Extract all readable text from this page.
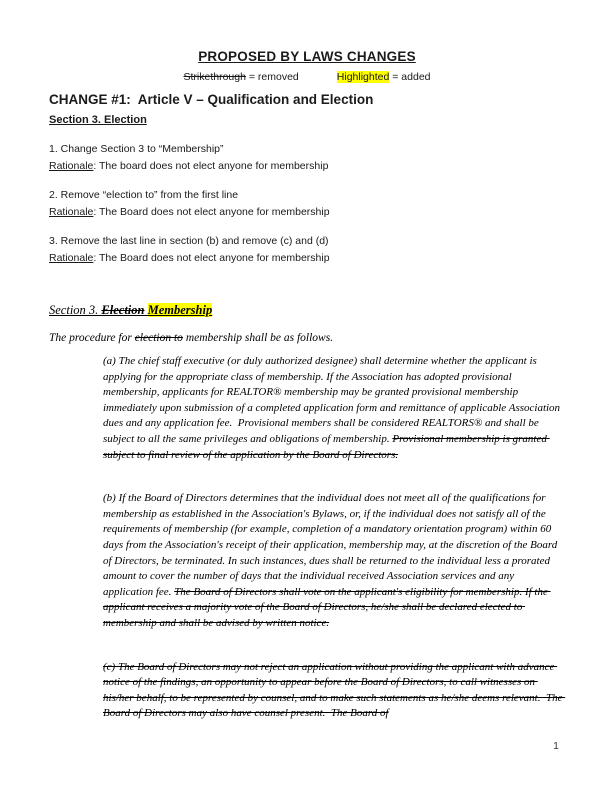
PROPOSED BY LAWS CHANGES
Strikethrough = removed	Highlighted = added
CHANGE #1:  Article V – Qualification and Election
Section 3. Election
1. Change Section 3 to “Membership”
Rationale: The board does not elect anyone for membership
2. Remove “election to” from the first line
Rationale: The Board does not elect anyone for membership
3. Remove the last line in section (b) and remove (c) and (d)
Rationale: The Board does not elect anyone for membership
Section 3. Election Membership

The procedure for election to membership shall be as follows.

(a) The chief staff executive (or duly authorized designee) shall determine whether the applicant is applying for the appropriate class of membership. If the Association has adopted provisional membership, applicants for REALTOR® membership may be granted provisional membership immediately upon submission of a completed application form and remittance of applicable Association dues and any application fee.  Provisional members shall be considered REALTORS® and shall be subject to all the same privileges and obligations of membership. Provisional membership is granted subject to final review of the application by the Board of Directors.

(b) If the Board of Directors determines that the individual does not meet all of the qualifications for membership as established in the Association's Bylaws, or, if the individual does not satisfy all of the requirements of membership (for example, completion of a mandatory orientation program) within 60 days from the Association's receipt of their application, membership may, at the discretion of the Board of Directors, be terminated. In such instances, dues shall be returned to the individual less a prorated amount to cover the number of days that the individual received Association services and any application fee. The Board of Directors shall vote on the applicant's eligibility for membership. If the applicant receives a majority vote of the Board of Directors, he/she shall be declared elected to membership and shall be advised by written notice.

(c) The Board of Directors may not reject an application without providing the applicant with advance notice of the findings, an opportunity to appear before the Board of Directors, to call witnesses on his/her behalf, to be represented by counsel, and to make such statements as he/she deems relevant.  The Board of Directors may also have counsel present.  The Board of

1
